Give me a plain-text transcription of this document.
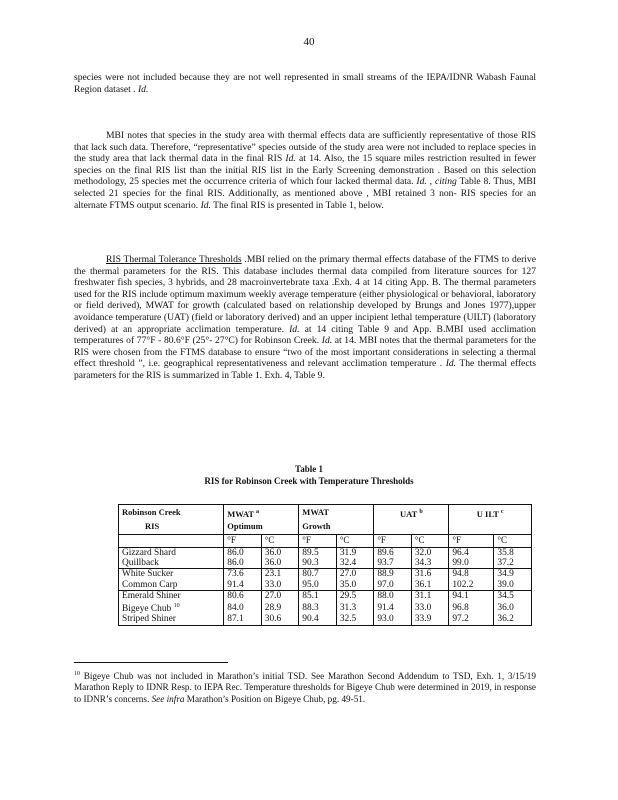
40

species were not included because they are not well represented in small streams of the IEPA/IDNR Wabash Faunal Region dataset . Id.

MBI notes that species in the study area with thermal effects data are sufficiently representative of those RIS that lack such data. Therefore, “representative” species outside of the study area were not included to replace species in the study area that lack thermal data in the final RIS Id. at 14. Also, the 15 square miles restriction resulted in fewer species on the final RIS list than the initial RIS list in the Early Screening demonstration . Based on this selection methodology, 25 species met the occurrence criteria of which four lacked thermal data. Id. , citing Table 8. Thus, MBI selected 21 species for the final RIS. Additionally, as mentioned above , MBI retained 3 non- RIS species for an alternate FTMS output scenario. Id. The final RIS is presented in Table 1, below.

RIS Thermal Tolerance Thresholds .MBI relied on the primary thermal effects database of the FTMS to derive the thermal parameters for the RIS. This database includes thermal data compiled from literature sources for 127 freshwater fish species, 3 hybrids, and 28 macroinvertebrate taxa .Exh. 4 at 14 citing App. B. The thermal parameters used for the RIS include optimum maximum weekly average temperature (either physiological or behavioral, laboratory or field derived), MWAT for growth (calculated based on relationship developed by Brungs and Jones 1977),upper avoidance temperature (UAT) (field or laboratory derived) and an upper incipient lethal temperature (UILT) (laboratory derived) at an appropriate acclimation temperature. Id. at 14 citing Table 9 and App. B.MBI used acclimation temperatures of 77°F - 80.6°F (25°- 27°C) for Robinson Creek. Id. at 14. MBI notes that the thermal parameters for the RIS were chosen from the FTMS database to ensure “two of the most important considerations in selecting a thermal effect threshold ”, i.e. geographical representativeness and relevant acclimation temperature . Id. The thermal effects parameters for the RIS is summarized in Table 1. Exh. 4, Table 9.

Table 1
RIS for Robinson Creek with Temperature Thresholds
Robinson Creek	MWAT $^a$		MWAT		UAT $^b$		U ILT $^c$
RIS	Optimum		Growth					
	°F	°C	°F	°C	°F	°C	°F	°C
Gizzard Shard	86.0	36.0	89.5	31.9	89.6	32.0	96.4	35.8
Quillback	86.0	36.0	90.3	32.4	93.7	34.3	99.0	37.2
White Sucker	73.6	23.1	80.7	27.0	88.9	31.6	94.8	34.9
Common Carp	91.4	33.0	95.0	35.0	97.0	36.1	102.2	39.0
Emerald Shiner	80.6	27.0	85.1	29.5	88.0	31.1	94.1	34.5
Bigeye Chub $^{10}$	84.0	28.9	88.3	31.3	91.4	33.0	96.8	36.0
Striped Shiner	87.1	30.6	90.4	32.5	93.0	33.9	97.2	36.2

$^{10}$ Bigeye Chub was not included in Marathon’s initial TSD. See Marathon Second Addendum to TSD, Exh. 1, 3/15/19 Marathon Reply to IDNR Resp. to IEPA Rec. Temperature thresholds for Bigeye Chub were determined in 2019, in response to IDNR’s concerns. See infra Marathon’s Position on Bigeye Chub, pg. 49-51.
